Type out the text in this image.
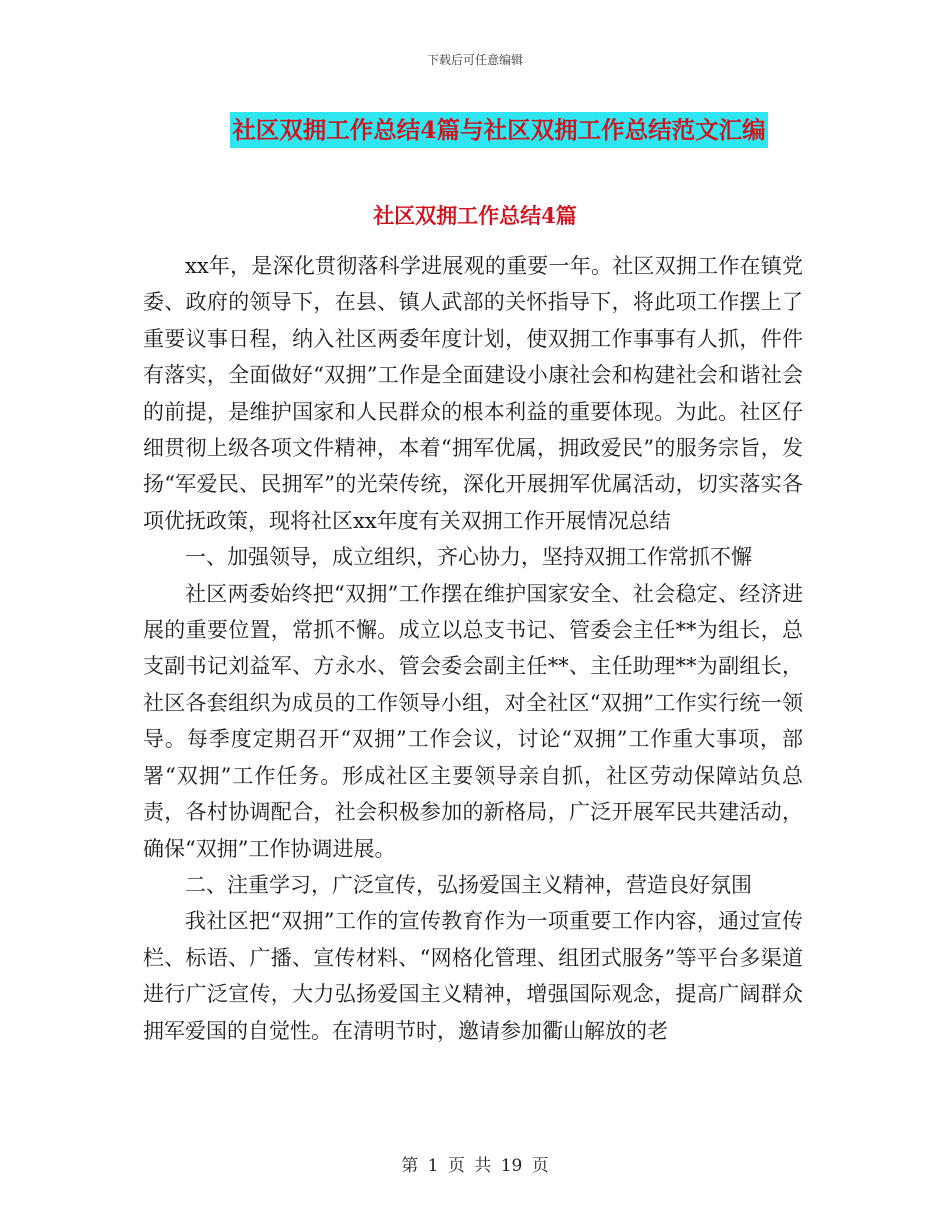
下载后可任意编辑
社区双拥工作总结4篇与社区双拥工作总结范文汇编
社区双拥工作总结4篇

xx年，是深化贯彻落科学进展观的重要一年。社区双拥工作在镇党委、政府的领导下，在县、镇人武部的关怀指导下，将此项工作摆上了重要议事日程，纳入社区两委年度计划，使双拥工作事事有人抓，件件有落实，全面做好“双拥”工作是全面建设小康社会和构建社会和谐社会的前提，是维护国家和人民群众的根本利益的重要体现。为此。社区仔细贯彻上级各项文件精神，本着“拥军优属，拥政爱民”的服务宗旨，发扬“军爱民、民拥军”的光荣传统，深化开展拥军优属活动，切实落实各项优抚政策，现将社区xx年度有关双拥工作开展情况总结

一、加强领导，成立组织，齐心协力，坚持双拥工作常抓不懈

社区两委始终把“双拥”工作摆在维护国家安全、社会稳定、经济进展的重要位置，常抓不懈。成立以总支书记、管委会主任**为组长，总支副书记刘益军、方永水、管会委会副主任**、主任助理**为副组长，社区各套组织为成员的工作领导小组，对全社区“双拥”工作实行统一领导。每季度定期召开“双拥”工作会议，讨论“双拥”工作重大事项，部署“双拥”工作任务。形成社区主要领导亲自抓，社区劳动保障站负总责，各村协调配合，社会积极参加的新格局，广泛开展军民共建活动，确保“双拥”工作协调进展。

二、注重学习，广泛宣传，弘扬爱国主义精神，营造良好氛围

我社区把“双拥”工作的宣传教育作为一项重要工作内容，通过宣传栏、标语、广播、宣传材料、“网格化管理、组团式服务”等平台多渠道进行广泛宣传，大力弘扬爱国主义精神，增强国际观念，提高广阔群众拥军爱国的自觉性。在清明节时，邀请参加衢山解放的老

第 1 页 共 19 页
